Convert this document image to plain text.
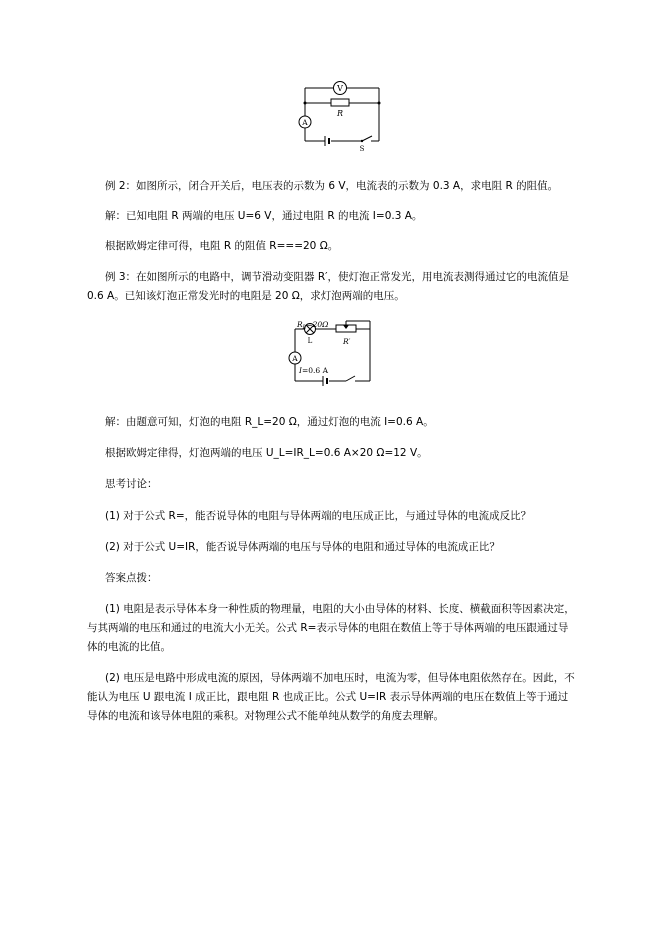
V
A
R
S

例 2：如图所示，闭合开关后，电压表的示数为 6 V，电流表的示数为 0.3 A，求电阻 R 的阻值。

解：已知电阻 R 两端的电压 U=6 V，通过电阻 R 的电流 I=0.3 A。

根据欧姆定律可得，电阻 R 的阻值 R===20 Ω。

例 3：在如图所示的电路中，调节滑动变阻器 R′，使灯泡正常发光，用电流表测得通过它的电流值是 0.6 A。已知该灯泡正常发光时的电阻是 20 Ω，求灯泡两端的电压。

$R_L=20\Omega$
L	R′
A
I=0.6 A

解：由题意可知，灯泡的电阻 R_L=20 Ω，通过灯泡的电流 I=0.6 A。

根据欧姆定律得，灯泡两端的电压 U_L=IR_L=0.6 A×20 Ω=12 V。

思考讨论：

(1) 对于公式 R=，能否说导体的电阻与导体两端的电压成正比，与通过导体的电流成反比？

(2) 对于公式 U=IR，能否说导体两端的电压与导体的电阻和通过导体的电流成正比？

答案点拨：

(1) 电阻是表示导体本身一种性质的物理量，电阻的大小由导体的材料、长度、横截面积等因素决定，与其两端的电压和通过的电流大小无关。公式 R=表示导体的电阻在数值上等于导体两端的电压跟通过导体的电流的比值。

(2) 电压是电路中形成电流的原因，导体两端不加电压时，电流为零，但导体电阻依然存在。因此，不能认为电压 U 跟电流 I 成正比，跟电阻 R 也成正比。公式 U=IR 表示导体两端的电压在数值上等于通过导体的电流和该导体电阻的乘积。对物理公式不能单纯从数学的角度去理解。
